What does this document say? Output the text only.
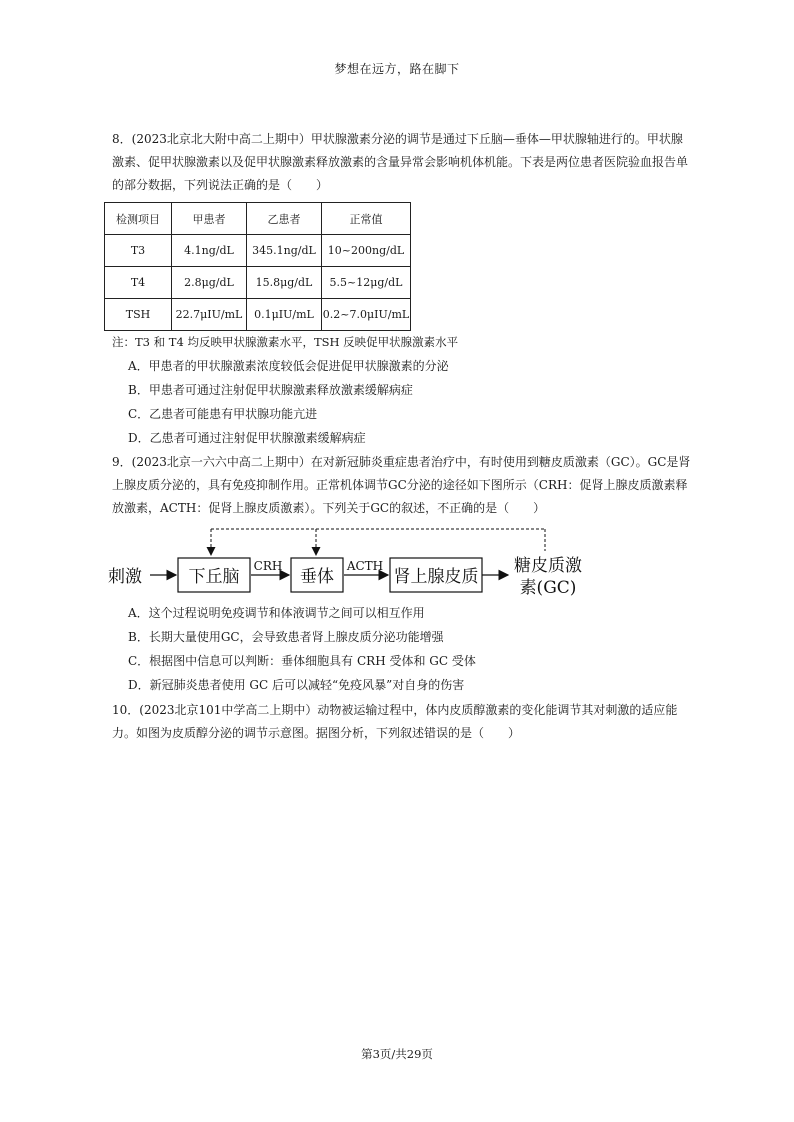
梦想在远方，路在脚下
8．(2023北京北大附中高二上期中）甲状腺激素分泌的调节是通过下丘脑—垂体—甲状腺轴进行的。甲状腺激素、促甲状腺激素以及促甲状腺激素释放激素的含量异常会影响机体机能。下表是两位患者医院验血报告单的部分数据，下列说法正确的是（　　）
检测项目	甲患者	乙患者	正常值
T3	4.1ng/dL	345.1ng/dL	10~200ng/dL
T4	2.8μg/dL	15.8μg/dL	5.5~12μg/dL
TSH	22.7μIU/mL	0.1μIU/mL	0.2~7.0μIU/mL
注：T3 和 T4 均反映甲状腺激素水平，TSH 反映促甲状腺激素水平
A．甲患者的甲状腺激素浓度较低会促进促甲状腺激素的分泌
B．甲患者可通过注射促甲状腺激素释放激素缓解病症
C．乙患者可能患有甲状腺功能亢进
D．乙患者可通过注射促甲状腺激素缓解病症
9．(2023北京一六六中高二上期中）在对新冠肺炎重症患者治疗中，有时使用到糖皮质激素（GC）。GC是肾上腺皮质分泌的，具有免疫抑制作用。正常机体调节GC分泌的途径如下图所示（CRH：促肾上腺皮质激素释放激素，ACTH：促肾上腺皮质激素）。下列关于GC的叙述，不正确的是（　　）
刺激	下丘脑
CRH
垂体
ACTH
肾上腺皮质
糖皮质激
素(GC)
A．这个过程说明免疫调节和体液调节之间可以相互作用
B．长期大量使用GC，会导致患者肾上腺皮质分泌功能增强
C．根据图中信息可以判断：垂体细胞具有 CRH 受体和 GC 受体
D．新冠肺炎患者使用 GC 后可以减轻“免疫风暴”对自身的伤害
10．(2023北京101中学高二上期中）动物被运输过程中，体内皮质醇激素的变化能调节其对刺激的适应能力。如图为皮质醇分泌的调节示意图。据图分析，下列叙述错误的是（　　）
第3页/共29页
